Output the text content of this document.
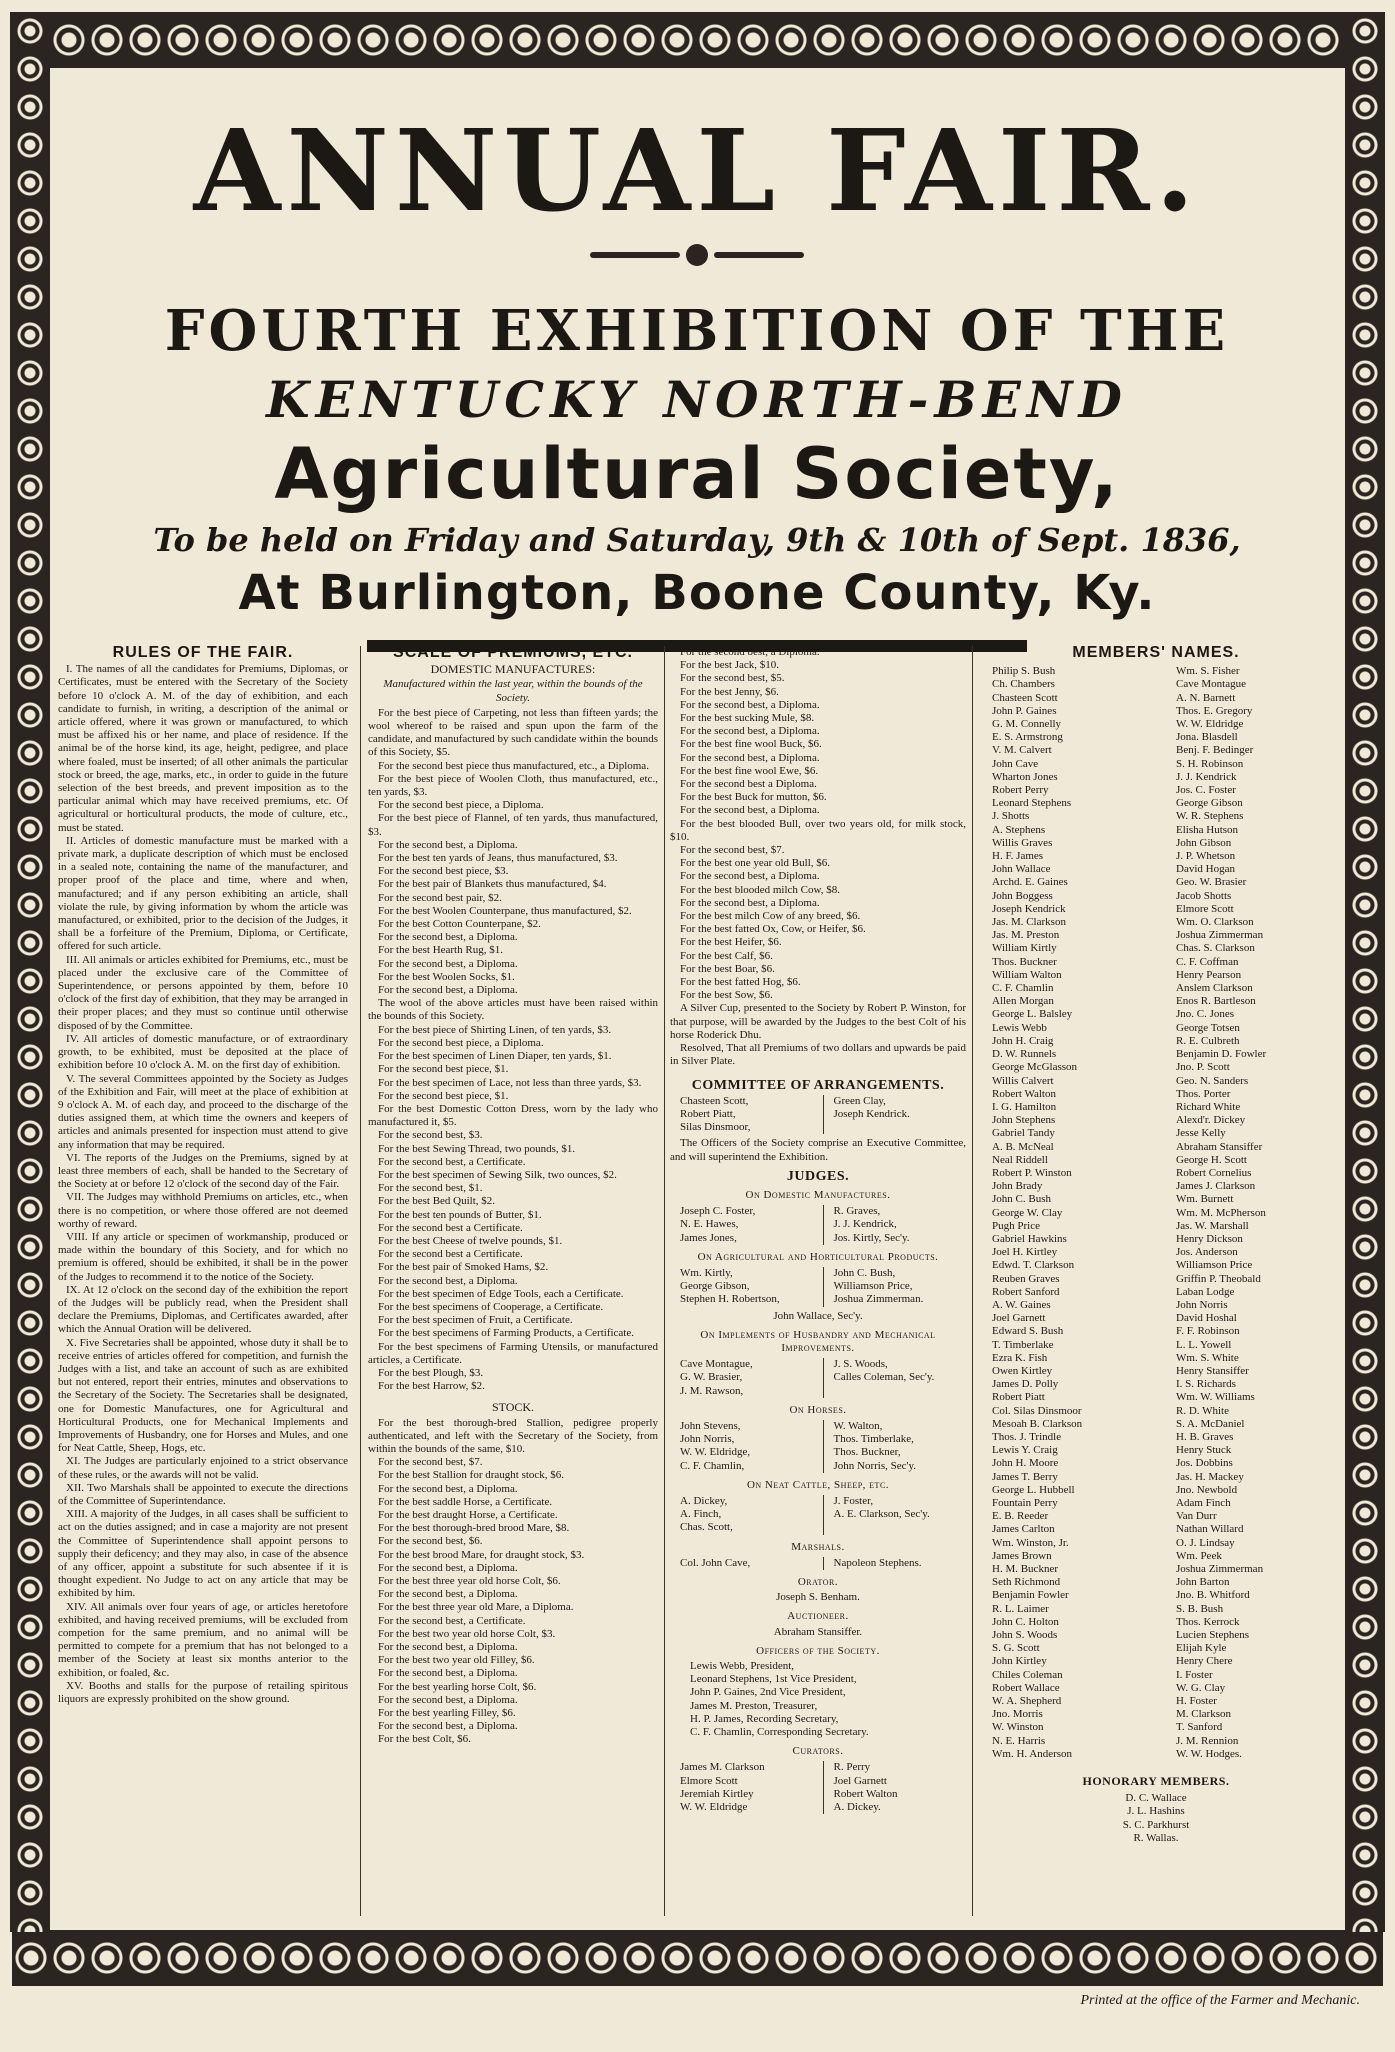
ANNUAL FAIR.
FOURTH EXHIBITION OF THE
KENTUCKY NORTH-BEND
Agricultural Society,
To be held on Friday and Saturday, 9th & 10th of Sept. 1836,
At Burlington, Boone County, Ky.
RULES OF THE FAIR.

I. The names of all the candidates for Premiums, Diplomas, or Certificates, must be entered with the Secretary of the Society before 10 o'clock A. M. of the day of exhibition, and each candidate to furnish, in writing, a description of the animal or article offered, where it was grown or manufactured, to which must be affixed his or her name, and place of residence. If the animal be of the horse kind, its age, height, pedigree, and place where foaled, must be inserted; of all other animals the particular stock or breed, the age, marks, etc., in order to guide in the future selection of the best breeds, and prevent imposition as to the particular animal which may have received premiums, etc. Of agricultural or horticultural products, the mode of culture, etc., must be stated.

II. Articles of domestic manufacture must be marked with a private mark, a duplicate description of which must be enclosed in a sealed note, containing the name of the manufacturer, and proper proof of the place and time, where and when, manufactured; and if any person exhibiting an article, shall violate the rule, by giving information by whom the article was manufactured, or exhibited, prior to the decision of the Judges, it shall be a forfeiture of the Premium, Diploma, or Certificate, offered for such article.

III. All animals or articles exhibited for Premiums, etc., must be placed under the exclusive care of the Committee of Superintendence, or persons appointed by them, before 10 o'clock of the first day of exhibition, that they may be arranged in their proper places; and they must so continue until otherwise disposed of by the Committee.

IV. All articles of domestic manufacture, or of extraordinary growth, to be exhibited, must be deposited at the place of exhibition before 10 o'clock A. M. on the first day of exhibition.

V. The several Committees appointed by the Society as Judges of the Exhibition and Fair, will meet at the place of exhibition at 9 o'clock A. M. of each day, and proceed to the discharge of the duties assigned them, at which time the owners and keepers of articles and animals presented for inspection must attend to give any information that may be required.

VI. The reports of the Judges on the Premiums, signed by at least three members of each, shall be handed to the Secretary of the Society at or before 12 o'clock of the second day of the Fair.

VII. The Judges may withhold Premiums on articles, etc., when there is no competition, or where those offered are not deemed worthy of reward.

VIII. If any article or specimen of workmanship, produced or made within the boundary of this Society, and for which no premium is offered, should be exhibited, it shall be in the power of the Judges to recommend it to the notice of the Society.

IX. At 12 o'clock on the second day of the exhibition the report of the Judges will be publicly read, when the President shall declare the Premiums, Diplomas, and Certificates awarded, after which the Annual Oration will be delivered.

X. Five Secretaries shall be appointed, whose duty it shall be to receive entries of articles offered for competition, and furnish the Judges with a list, and take an account of such as are exhibited but not entered, report their entries, minutes and observations to the Secretary of the Society. The Secretaries shall be designated, one for Domestic Manufactures, one for Agricultural and Horticultural Products, one for Mechanical Implements and Improvements of Husbandry, one for Horses and Mules, and one for Neat Cattle, Sheep, Hogs, etc.

XI. The Judges are particularly enjoined to a strict observance of these rules, or the awards will not be valid.

XII. Two Marshals shall be appointed to execute the directions of the Committee of Superintendance.

XIII. A majority of the Judges, in all cases shall be sufficient to act on the duties assigned; and in case a majority are not present the Committee of Superintendence shall appoint persons to supply their deficency; and they may also, in case of the absence of any officer, appoint a substitute for such absentee if it is thought expedient. No Judge to act on any article that may be exhibited by him.

XIV. All animals over four years of age, or articles heretofore exhibited, and having received premiums, will be excluded from competion for the same premium, and no animal will be permitted to compete for a premium that has not belonged to a member of the Society at least six months anterior to the exhibition, or foaled, &c.

XV. Booths and stalls for the purpose of retailing spiritous liquors are expressly prohibited on the show ground.

SCALE OF PREMIUMS, ETC.
DOMESTIC MANUFACTURES:
Manufactured within the last year, within the bounds of the Society.

For the best piece of Carpeting, not less than fifteen yards; the wool whereof to be raised and spun upon the farm of the candidate, and manufactured by such candidate within the bounds of this Society, $5.

For the second best piece thus manufactured, etc., a Diploma.

For the best piece of Woolen Cloth, thus manufactured, etc., ten yards, $3.

For the second best piece, a Diploma.

For the best piece of Flannel, of ten yards, thus manufactured, $3.

For the second best, a Diploma.

For the best ten yards of Jeans, thus manufactured, $3.

For the second best piece, $3.

For the best pair of Blankets thus manufactured, $4.

For the second best pair, $2.

For the best Woolen Counterpane, thus manufactured, $2.

For the best Cotton Counterpane, $2.

For the second best, a Diploma.

For the best Hearth Rug, $1.

For the second best, a Diploma.

For the best Woolen Socks, $1.

For the second best, a Diploma.

The wool of the above articles must have been raised within the bounds of this Society.

For the best piece of Shirting Linen, of ten yards, $3.

For the second best piece, a Diploma.

For the best specimen of Linen Diaper, ten yards, $1.

For the second best piece, $1.

For the best specimen of Lace, not less than three yards, $3.

For the second best piece, $1.

For the best Domestic Cotton Dress, worn by the lady who manufactured it, $5.

For the second best, $3.

For the best Sewing Thread, two pounds, $1.

For the second best, a Certificate.

For the best specimen of Sewing Silk, two ounces, $2.

For the second best, $1.

For the best Bed Quilt, $2.

For the best ten pounds of Butter, $1.

For the second best a Certificate.

For the best Cheese of twelve pounds, $1.

For the second best a Certificate.

For the best pair of Smoked Hams, $2.

For the second best, a Diploma.

For the best specimen of Edge Tools, each a Certificate.

For the best specimens of Cooperage, a Certificate.

For the best specimen of Fruit, a Certificate.

For the best specimens of Farming Products, a Certificate.

For the best specimens of Farming Utensils, or manufactured articles, a Certificate.

For the best Plough, $3.

For the best Harrow, $2.

STOCK.

For the best thorough-bred Stallion, pedigree properly authenticated, and left with the Secretary of the Society, from within the bounds of the same, $10.

For the second best, $7.

For the best Stallion for draught stock, $6.

For the second best, a Diploma.

For the best saddle Horse, a Certificate.

For the best draught Horse, a Certificate.

For the best thorough-bred brood Mare, $8.

For the second best, $6.

For the best brood Mare, for draught stock, $3.

For the second best, a Diploma.

For the best three year old horse Colt, $6.

For the second best, a Diploma.

For the best three year old Mare, a Diploma.

For the second best, a Certificate.

For the best two year old horse Colt, $3.

For the second best, a Diploma.

For the best two year old Filley, $6.

For the second best, a Diploma.

For the best yearling horse Colt, $6.

For the second best, a Diploma.

For the best yearling Filley, $6.

For the second best, a Diploma.

For the best Colt, $6.

For the second best, a Diploma.

For the best Jack, $10.

For the second best, $5.

For the best Jenny, $6.

For the second best, a Diploma.

For the best sucking Mule, $8.

For the second best, a Diploma.

For the best fine wool Buck, $6.

For the second best, a Diploma.

For the best fine wool Ewe, $6.

For the second best a Diploma.

For the best Buck for mutton, $6.

For the second best, a Diploma.

For the best blooded Bull, over two years old, for milk stock, $10.

For the second best, $7.

For the best one year old Bull, $6.

For the second best, a Diploma.

For the best blooded milch Cow, $8.

For the second best, a Diploma.

For the best milch Cow of any breed, $6.

For the best fatted Ox, Cow, or Heifer, $6.

For the best Heifer, $6.

For the best Calf, $6.

For the best Boar, $6.

For the best fatted Hog, $6.

For the best Sow, $6.

A Silver Cup, presented to the Society by Robert P. Winston, for that purpose, will be awarded by the Judges to the best Colt of his horse Roderick Dhu.

Resolved, That all Premiums of two dollars and upwards be paid in Silver Plate.

COMMITTEE OF ARRANGEMENTS.
Chasteen Scott,
Robert Piatt,
Silas Dinsmoor,
Green Clay,
Joseph Kendrick.

The Officers of the Society comprise an Executive Committee, and will superintend the Exhibition.

JUDGES.
On Domestic Manufactures.
Joseph C. Foster,
N. E. Hawes,
James Jones,
R. Graves,
J. J. Kendrick,
Jos. Kirtly, Sec'y.
On Agricultural and Horticultural Products.
Wm. Kirtly,
George Gibson,
Stephen H. Robertson,
John C. Bush,
Williamson Price,
Joshua Zimmerman.

John Wallace, Sec'y.

On Implements of Husbandry and Mechanical Improvements.
Cave Montague,
G. W. Brasier,
J. M. Rawson,
J. S. Woods,
Calles Coleman, Sec'y.
On Horses.
John Stevens,
John Norris,
W. W. Eldridge,
C. F. Chamlin,
W. Walton,
Thos. Timberlake,
Thos. Buckner,
John Norris, Sec'y.
On Neat Cattle, Sheep, etc.
A. Dickey,
A. Finch,
Chas. Scott,
J. Foster,
A. E. Clarkson, Sec'y.
Marshals.
Col. John Cave,	Napoleon Stephens.
Orator.

Joseph S. Benham.

Auctioneer.

Abraham Stansiffer.

Officers of the Society.
Lewis Webb, President,
Leonard Stephens, 1st Vice President,
John P. Gaines, 2nd Vice President,
James M. Preston, Treasurer,
H. P. James, Recording Secretary,
C. F. Chamlin, Corresponding Secretary.
Curators.
James M. Clarkson
Elmore Scott
Jeremiah Kirtley
W. W. Eldridge
R. Perry
Joel Garnett
Robert Walton
A. Dickey.
MEMBERS' NAMES.
Philip S. Bush
Ch. Chambers
Chasteen Scott
John P. Gaines
G. M. Connelly
E. S. Armstrong
V. M. Calvert
John Cave
Wharton Jones
Robert Perry
Leonard Stephens
J. Shotts
A. Stephens
Willis Graves
H. F. James
John Wallace
Archd. E. Gaines
John Boggess
Joseph Kendrick
Jas. M. Clarkson
Jas. M. Preston
William Kirtly
Thos. Buckner
William Walton
C. F. Chamlin
Allen Morgan
George L. Balsley
Lewis Webb
John H. Craig
D. W. Runnels
George McGlasson
Willis Calvert
Robert Walton
I. G. Hamilton
John Stephens
Gabriel Tandy
A. B. McNeal
Neal Riddell
Robert P. Winston
John Brady
John C. Bush
George W. Clay
Pugh Price
Gabriel Hawkins
Joel H. Kirtley
Edwd. T. Clarkson
Reuben Graves
Robert Sanford
A. W. Gaines
Joel Garnett
Edward S. Bush
T. Timberlake
Ezra K. Fish
Owen Kirtley
James D. Polly
Robert Piatt
Col. Silas Dinsmoor
Mesoah B. Clarkson
Thos. J. Trindle
Lewis Y. Craig
John H. Moore
James T. Berry
George L. Hubbell
Fountain Perry
E. B. Reeder
James Carlton
Wm. Winston, Jr.
James Brown
H. M. Buckner
Seth Richmond
Benjamin Fowler
R. L. Laimer
John C. Holton
John S. Woods
S. G. Scott
John Kirtley
Chiles Coleman
Robert Wallace
W. A. Shepherd
Jno. Morris
W. Winston
N. E. Harris
Wm. H. Anderson
Wm. S. Fisher
Cave Montague
A. N. Barnett
Thos. E. Gregory
W. W. Eldridge
Jona. Blasdell
Benj. F. Bedinger
S. H. Robinson
J. J. Kendrick
Jos. C. Foster
George Gibson
W. R. Stephens
Elisha Hutson
John Gibson
J. P. Whetson
David Hogan
Geo. W. Brasier
Jacob Shotts
Elmore Scott
Wm. O. Clarkson
Joshua Zimmerman
Chas. S. Clarkson
C. F. Coffman
Henry Pearson
Anslem Clarkson
Enos R. Bartleson
Jno. C. Jones
George Totsen
R. E. Culbreth
Benjamin D. Fowler
Jno. P. Scott
Geo. N. Sanders
Thos. Porter
Richard White
Alexd'r. Dickey
Jesse Kelly
Abraham Stansiffer
George H. Scott
Robert Cornelius
James J. Clarkson
Wm. Burnett
Wm. M. McPherson
Jas. W. Marshall
Henry Dickson
Jos. Anderson
Williamson Price
Griffin P. Theobald
Laban Lodge
John Norris
David Hoshal
F. F. Robinson
L. L. Yowell
Wm. S. White
Henry Stansiffer
I. S. Richards
Wm. W. Williams
R. D. White
S. A. McDaniel
H. B. Graves
Henry Stuck
Jos. Dobbins
Jas. H. Mackey
Jno. Newbold
Adam Finch
Van Durr
Nathan Willard
O. J. Lindsay
Wm. Peek
Joshua Zimmerman
John Barton
Jno. B. Whitford
S. B. Bush
Thos. Kerrock
Lucien Stephens
Elijah Kyle
Henry Chere
I. Foster
W. G. Clay
H. Foster
M. Clarkson
T. Sanford
J. M. Rennion
W. W. Hodges.
HONORARY MEMBERS.
D. C. Wallace
J. L. Hashins
S. C. Parkhurst
R. Wallas.
Printed at the office of the Farmer and Mechanic.
